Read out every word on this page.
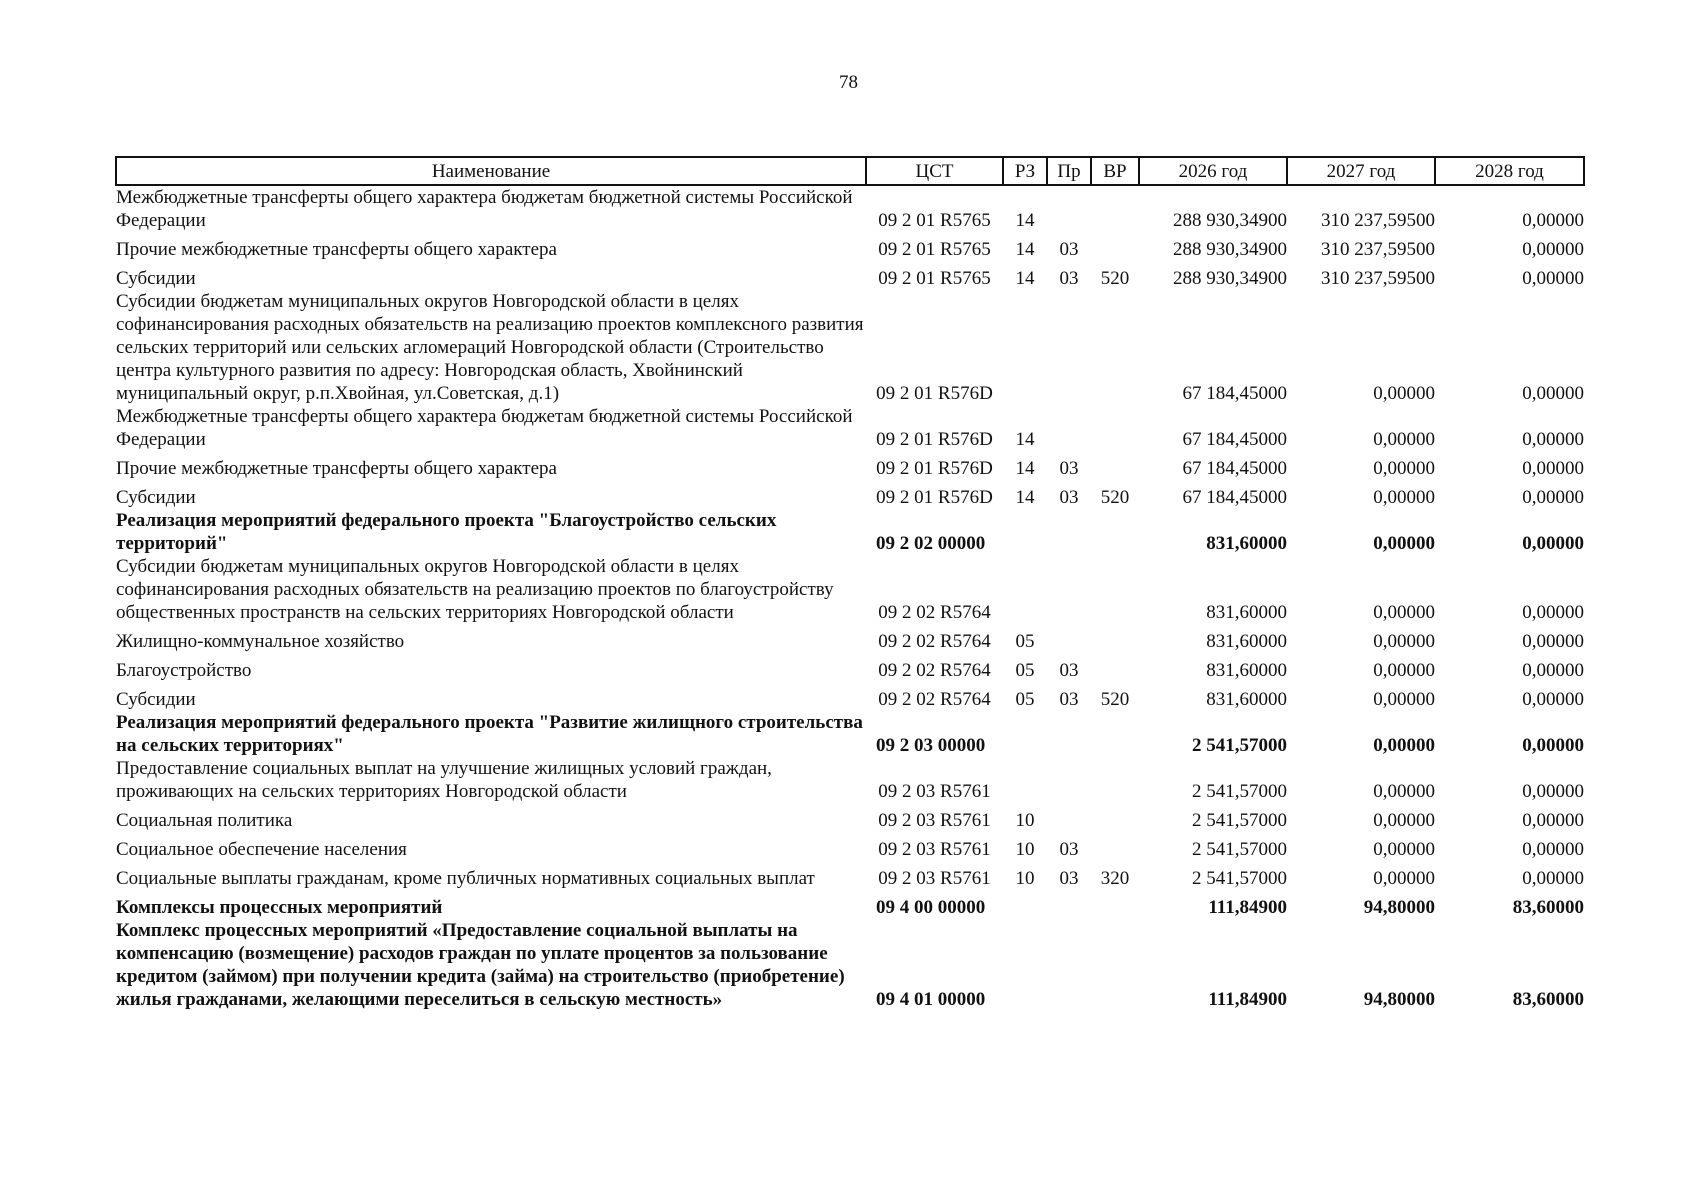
78
Наименование	ЦСТ	РЗ	Пр	ВР	2026 год	2027 год	2028 год
Межбюджетные трансферты общего характера бюджетам бюджетной системы Российской Федерации	09 2 01 R5765	14			288 930,34900	310 237,59500	0,00000
Прочие межбюджетные трансферты общего характера	09 2 01 R5765	14	03		288 930,34900	310 237,59500	0,00000
Субсидии	09 2 01 R5765	14	03	520	288 930,34900	310 237,59500	0,00000
Субсидии бюджетам муниципальных округов Новгородской области в целях софинансирования расходных обязательств на реализацию проектов комплексного развития сельских территорий или сельских агломераций Новгородской области (Строительство центра культурного развития по адресу: Новгородская область, Хвойнинский муниципальный округ, р.п.Хвойная, ул.Советская, д.1)	09 2 01 R576D				67 184,45000	0,00000	0,00000
Межбюджетные трансферты общего характера бюджетам бюджетной системы Российской Федерации	09 2 01 R576D	14			67 184,45000	0,00000	0,00000
Прочие межбюджетные трансферты общего характера	09 2 01 R576D	14	03		67 184,45000	0,00000	0,00000
Субсидии	09 2 01 R576D	14	03	520	67 184,45000	0,00000	0,00000
Реализация мероприятий федерального проекта "Благоустройство сельских территорий"	09 2 02 00000				831,60000	0,00000	0,00000
Субсидии бюджетам муниципальных округов Новгородской области в целях софинансирования расходных обязательств на реализацию проектов по благоустройству общественных пространств на сельских территориях Новгородской области	09 2 02 R5764				831,60000	0,00000	0,00000
Жилищно-коммунальное хозяйство	09 2 02 R5764	05			831,60000	0,00000	0,00000
Благоустройство	09 2 02 R5764	05	03		831,60000	0,00000	0,00000
Субсидии	09 2 02 R5764	05	03	520	831,60000	0,00000	0,00000
Реализация мероприятий федерального проекта "Развитие жилищного строительства на сельских территориях"	09 2 03 00000				2 541,57000	0,00000	0,00000
Предоставление социальных выплат на улучшение жилищных условий граждан, проживающих на сельских территориях Новгородской области	09 2 03 R5761				2 541,57000	0,00000	0,00000
Социальная политика	09 2 03 R5761	10			2 541,57000	0,00000	0,00000
Социальное обеспечение населения	09 2 03 R5761	10	03		2 541,57000	0,00000	0,00000
Социальные выплаты гражданам, кроме публичных нормативных социальных выплат	09 2 03 R5761	10	03	320	2 541,57000	0,00000	0,00000
Комплексы процессных мероприятий	09 4 00 00000				111,84900	94,80000	83,60000
Комплекс процессных мероприятий «Предоставление социальной выплаты на компенсацию (возмещение) расходов граждан по уплате процентов за пользование кредитом (займом) при получении кредита (займа) на строительство (приобретение) жилья гражданами, желающими переселиться в сельскую местность»	09 4 01 00000				111,84900	94,80000	83,60000
